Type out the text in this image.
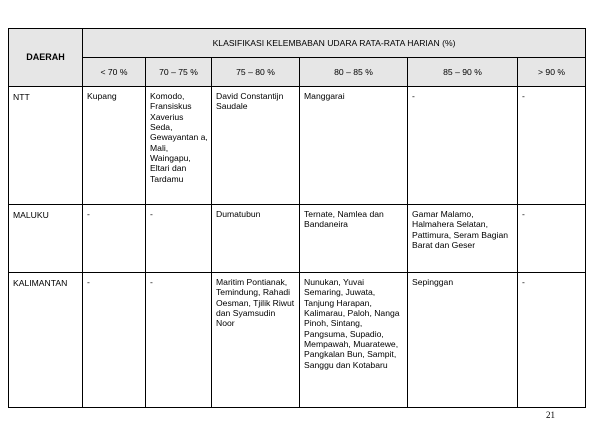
DAERAH	KLASIFIKASI KELEMBABAN UDARA RATA-RATA HARIAN (%)					
	< 70 %	70 – 75 %	75 – 80 %	80 – 85 %	85 – 90 %	> 90 %
NTT	Kupang	Komodo, Fransiskus Xaverius Seda, Gewayantan a, Mali, Waingapu, Eltari dan Tardamu	David Constantijn Saudale	Manggarai	-	-
MALUKU	-	-	Dumatubun	Ternate, Namlea dan Bandaneira	Gamar Malamo, Halmahera Selatan, Pattimura, Seram Bagian Barat dan Geser	-
KALIMANTAN	-	-	Maritim Pontianak, Temindung, Rahadi Oesman, Tjilik Riwut dan Syamsudin Noor	Nunukan, Yuvai Semaring, Juwata, Tanjung Harapan, Kalimarau, Paloh, Nanga Pinoh, Sintang, Pangsuma, Supadio, Mempawah, Muaratewe, Pangkalan Bun, Sampit, Sanggu dan Kotabaru	Sepinggan	-
21
